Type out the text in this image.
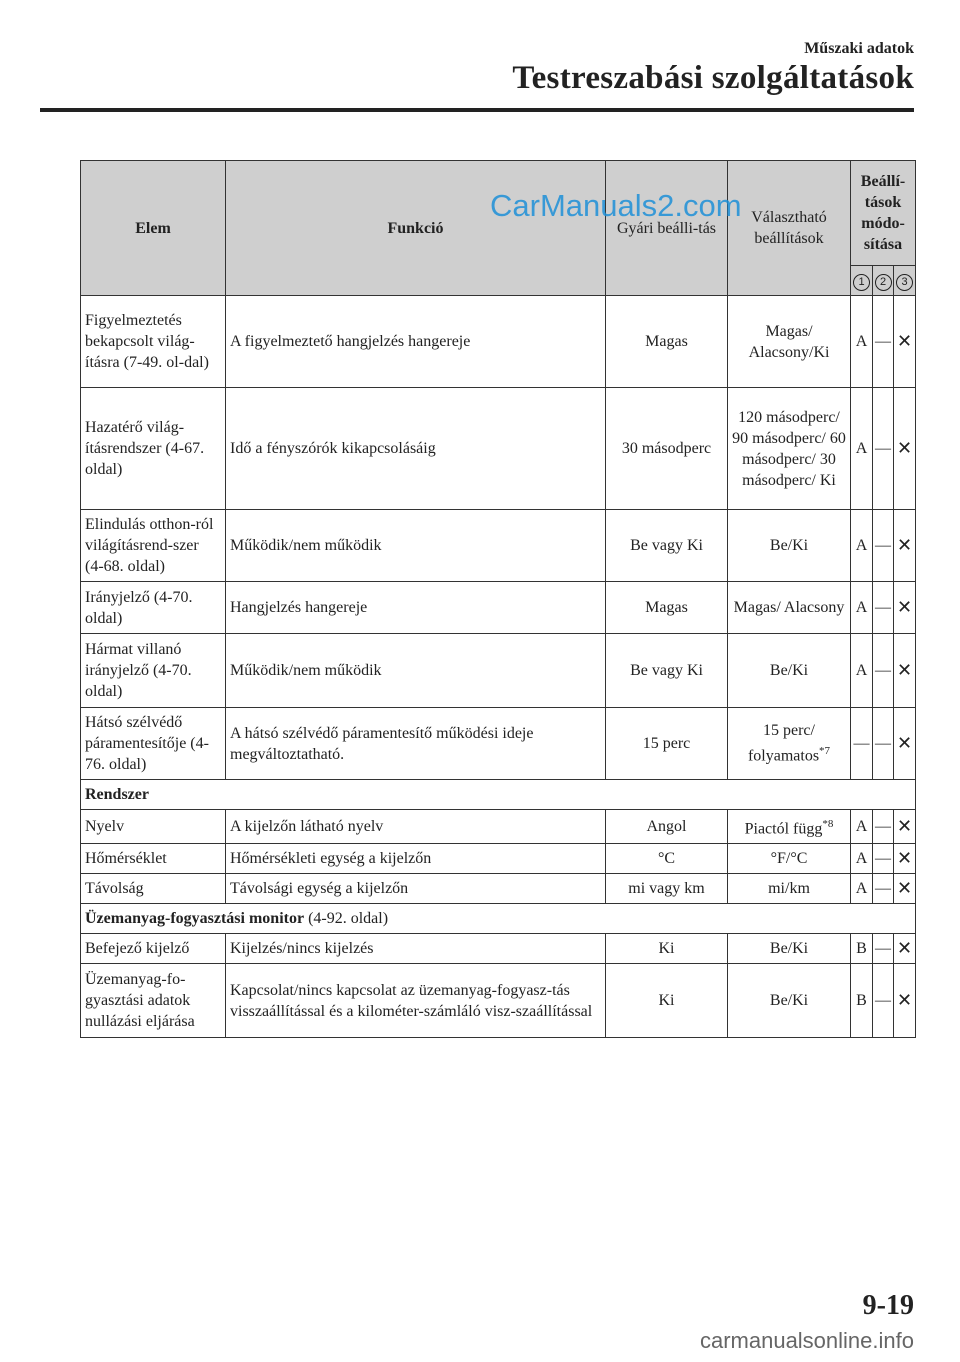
Műszaki adatok
Testreszabási szolgáltatások
CarManuals2.com
Elem	Funkció	Gyári beálli-tás	Választható beállítások	Beállí-tások módo-sítása		
				1	2	3
Figyelmeztetés bekapcsolt világ-ításra (7-49. ol-dal)	A figyelmeztető hangjelzés hangereje	Magas	Magas/ Alacsony/Ki	A	—	✕
Hazatérő világ-ításrendszer (4-67. oldal)	Idő a fényszórók kikapcsolásáig	30 másodperc	120 másodperc/ 90 másodperc/ 60 másodperc/ 30 másodperc/ Ki	A	—	✕
Elindulás otthon-ról világításrend-szer (4-68. oldal)	Működik/nem működik	Be vagy Ki	Be/Ki	A	—	✕
Irányjelző (4-70. oldal)	Hangjelzés hangereje	Magas	Magas/ Alacsony	A	—	✕
Hármat villanó irányjelző (4-70. oldal)	Működik/nem működik	Be vagy Ki	Be/Ki	A	—	✕
Hátsó szélvédő páramentesítője (4-76. oldal)	A hátsó szélvédő páramentesítő működési ideje megváltoztatható.	15 perc	15 perc/ folyamatos$^{*7}$	—	—	✕
Rendszer						
Nyelv	A kijelzőn látható nyelv	Angol	Piactól függ$^{*8}$	A	—	✕
Hőmérséklet	Hőmérsékleti egység a kijelzőn	°C	°F/°C	A	—	✕
Távolság	Távolsági egység a kijelzőn	mi vagy km	mi/km	A	—	✕
Üzemanyag-fogyasztási monitor (4-92. oldal)						
Befejező kijelző	Kijelzés/nincs kijelzés	Ki	Be/Ki	B	—	✕
Üzemanyag-fo-gyasztási adatok nullázási eljárása	Kapcsolat/nincs kapcsolat az üzemanyag-fogyasz-tás visszaállítással és a kilométer-számláló visz-szaállítással	Ki	Be/Ki	B	—	✕
9-19
carmanualsonline.info
